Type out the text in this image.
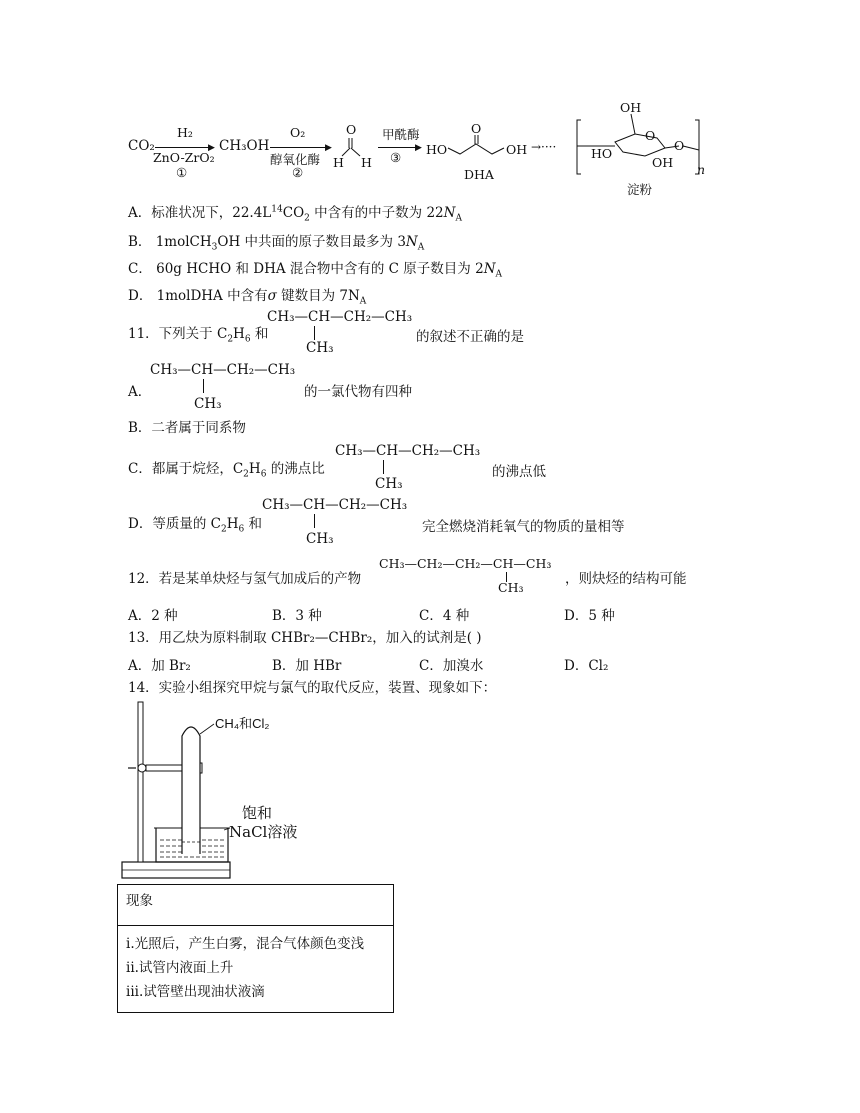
CO₂
H₂
▶
ZnO-ZrO₂
①
CH₃OH
O₂
▶
醇氧化酶
②
O
H H
甲酰酶
▶
③
HO
O
OH
DHA
→····
OH
HO
O
OH
O
n
淀粉
A．标准状况下，$22.4L^{14}CO_2$ 中含有的中子数为 $22N_A$
B． 1molCH$_3$OH 中共面的原子数目最多为 $3N_A$
C． 60g HCHO 和 DHA 混合物中含有的 C 原子数目为 $2N_A$
D． 1molDHA 中含有σ 键数目为 $7N_A$
11．下列关于 $C_2H_6$ 和
CH₃—CH—CH₂—CH₃
CH₃
的叙述不正确的是
A．
CH₃—CH—CH₂—CH₃
CH₃
的一氯代物有四种
B．二者属于同系物
C．都属于烷烃，$C_2H_6$ 的沸点比
CH₃—CH—CH₂—CH₃
CH₃
的沸点低
D．等质量的 $C_2H_6$ 和
CH₃—CH—CH₂—CH₃
CH₃
完全燃烧消耗氧气的物质的量相等
12．若是某单炔烃与氢气加成后的产物
CH₃—CH₂—CH₂—CH—CH₃
CH₃
，则炔烃的结构可能
A．2 种	B．3 种	C．4 种	D．5 种
13．用乙炔为原料制取 CHBr₂—CHBr₂，加入的试剂是( )
A．加 Br₂	B．加 HBr	C．加溴水	D．Cl₂
14．实验小组探究甲烷与氯气的取代反应，装置、现象如下：
CH₄和Cl₂
饱和
NaCl溶液
现象

i.光照后，产生白雾，混合气体颜色变浅
ii.试管内液面上升
iii.试管壁出现油状液滴
